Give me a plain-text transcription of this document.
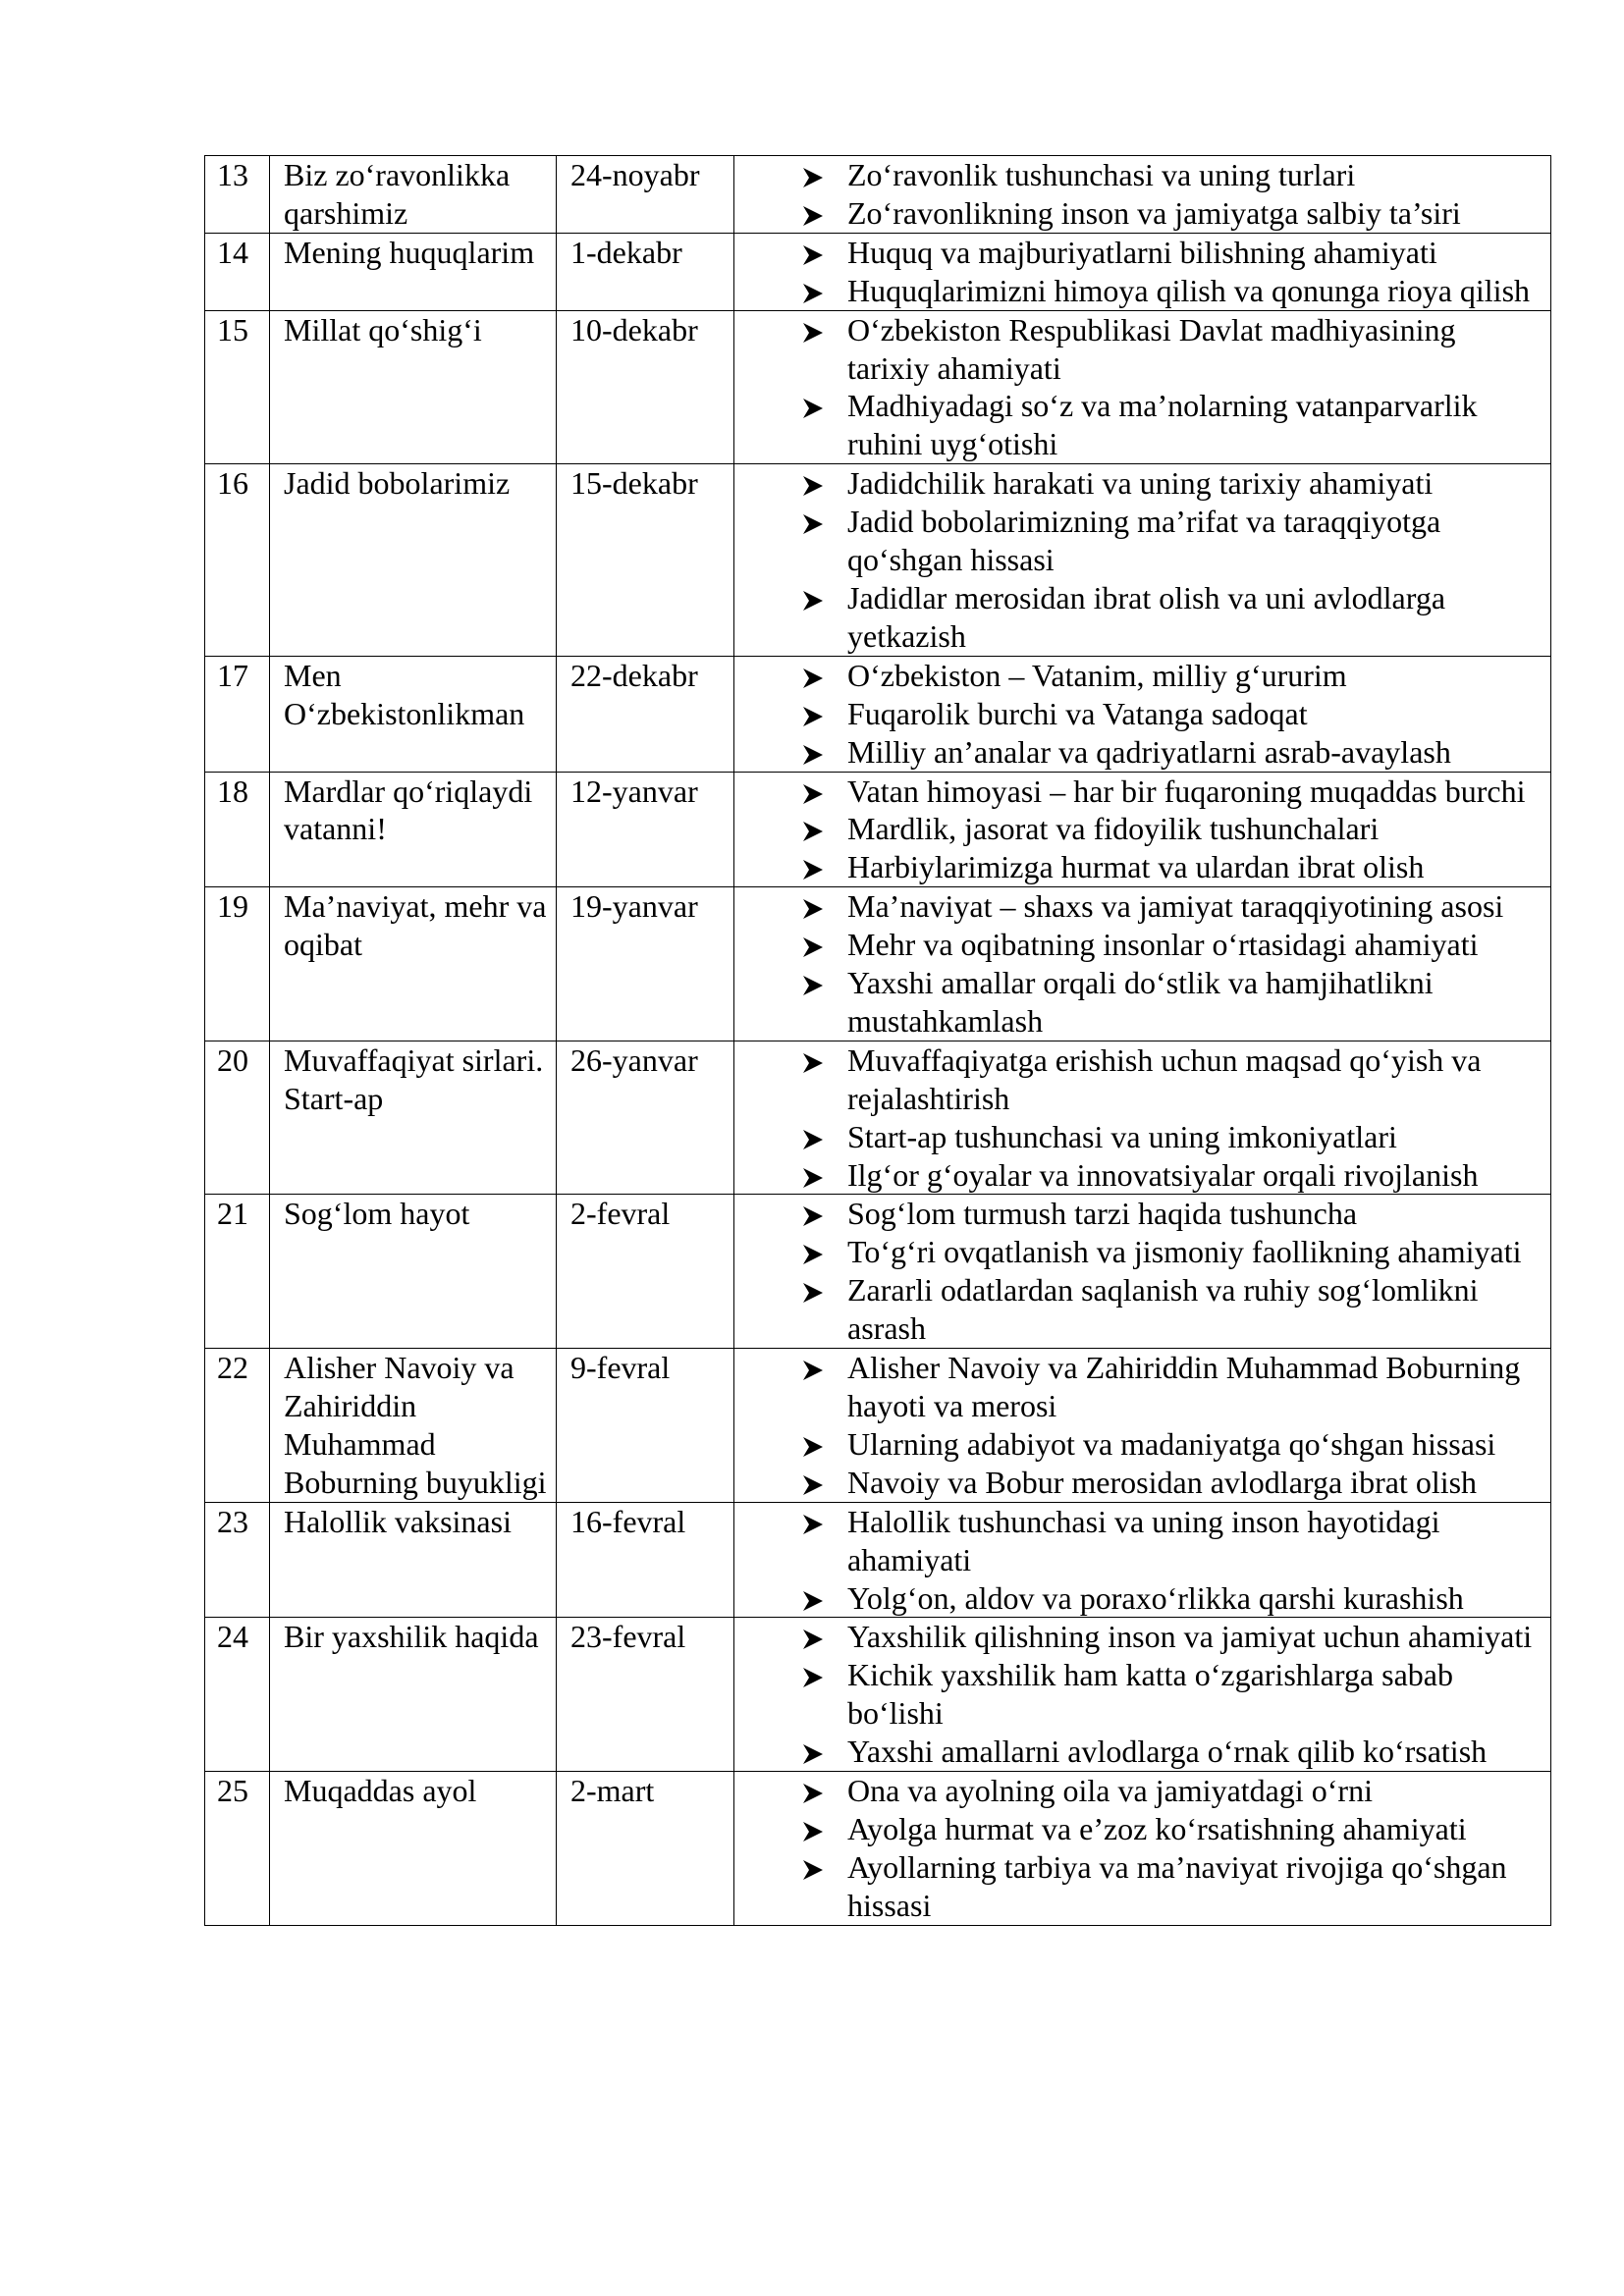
13	Biz zo‘ravonlikka qarshimiz	24-noyabr	Zo‘ravonlik tushunchasi va uning turlari
Zo‘ravonlikning inson va jamiyatga salbiy ta’siri

14	Mening huquqlarim	1-dekabr	Huquq va majburiyatlarni bilishning ahamiyati
Huquqlarimizni himoya qilish va qonunga rioya qilish

15	Millat qo‘shig‘i	10-dekabr	O‘zbekiston Respublikasi Davlat madhiyasining tarixiy ahamiyati
Madhiyadagi so‘z va ma’nolarning vatanparvarlik ruhini uyg‘otishi

16	Jadid bobolarimiz	15-dekabr	Jadidchilik harakati va uning tarixiy ahamiyati
Jadid bobolarimizning ma’rifat va taraqqiyotga qo‘shgan hissasi
Jadidlar merosidan ibrat olish va uni avlodlarga yetkazish

17	Men O‘zbekistonlikman	22-dekabr	O‘zbekiston – Vatanim, milliy g‘ururim
Fuqarolik burchi va Vatanga sadoqat
Milliy an’analar va qadriyatlarni asrab-avaylash

18	Mardlar qo‘riqlaydi vatanni!	12-yanvar	Vatan himoyasi – har bir fuqaroning muqaddas burchi
Mardlik, jasorat va fidoyilik tushunchalari
Harbiylarimizga hurmat va ulardan ibrat olish

19	Ma’naviyat, mehr va oqibat	19-yanvar	Ma’naviyat – shaxs va jamiyat taraqqiyotining asosi
Mehr va oqibatning insonlar o‘rtasidagi ahamiyati
Yaxshi amallar orqali do‘stlik va hamjihatlikni mustahkamlash

20	Muvaffaqiyat sirlari. Start-ap	26-yanvar	Muvaffaqiyatga erishish uchun maqsad qo‘yish va rejalashtirish
Start-ap tushunchasi va uning imkoniyatlari
Ilg‘or g‘oyalar va innovatsiyalar orqali rivojlanish

21	Sog‘lom hayot	2-fevral	Sog‘lom turmush tarzi haqida tushuncha
To‘g‘ri ovqatlanish va jismoniy faollikning ahamiyati
Zararli odatlardan saqlanish va ruhiy sog‘lomlikni asrash

22	Alisher Navoiy va Zahiriddin Muhammad Boburning buyukligi	9-fevral	Alisher Navoiy va Zahiriddin Muhammad Boburning hayoti va merosi
Ularning adabiyot va madaniyatga qo‘shgan hissasi
Navoiy va Bobur merosidan avlodlarga ibrat olish

23	Halollik vaksinasi	16-fevral	Halollik tushunchasi va uning inson hayotidagi ahamiyati
Yolg‘on, aldov va poraxo‘rlikka qarshi kurashish

24	Bir yaxshilik haqida	23-fevral	Yaxshilik qilishning inson va jamiyat uchun ahamiyati
Kichik yaxshilik ham katta o‘zgarishlarga sabab bo‘lishi
Yaxshi amallarni avlodlarga o‘rnak qilib ko‘rsatish

25	Muqaddas ayol	2-mart	Ona va ayolning oila va jamiyatdagi o‘rni
Ayolga hurmat va e’zoz ko‘rsatishning ahamiyati
Ayollarning tarbiya va ma’naviyat rivojiga qo‘shgan hissasi
